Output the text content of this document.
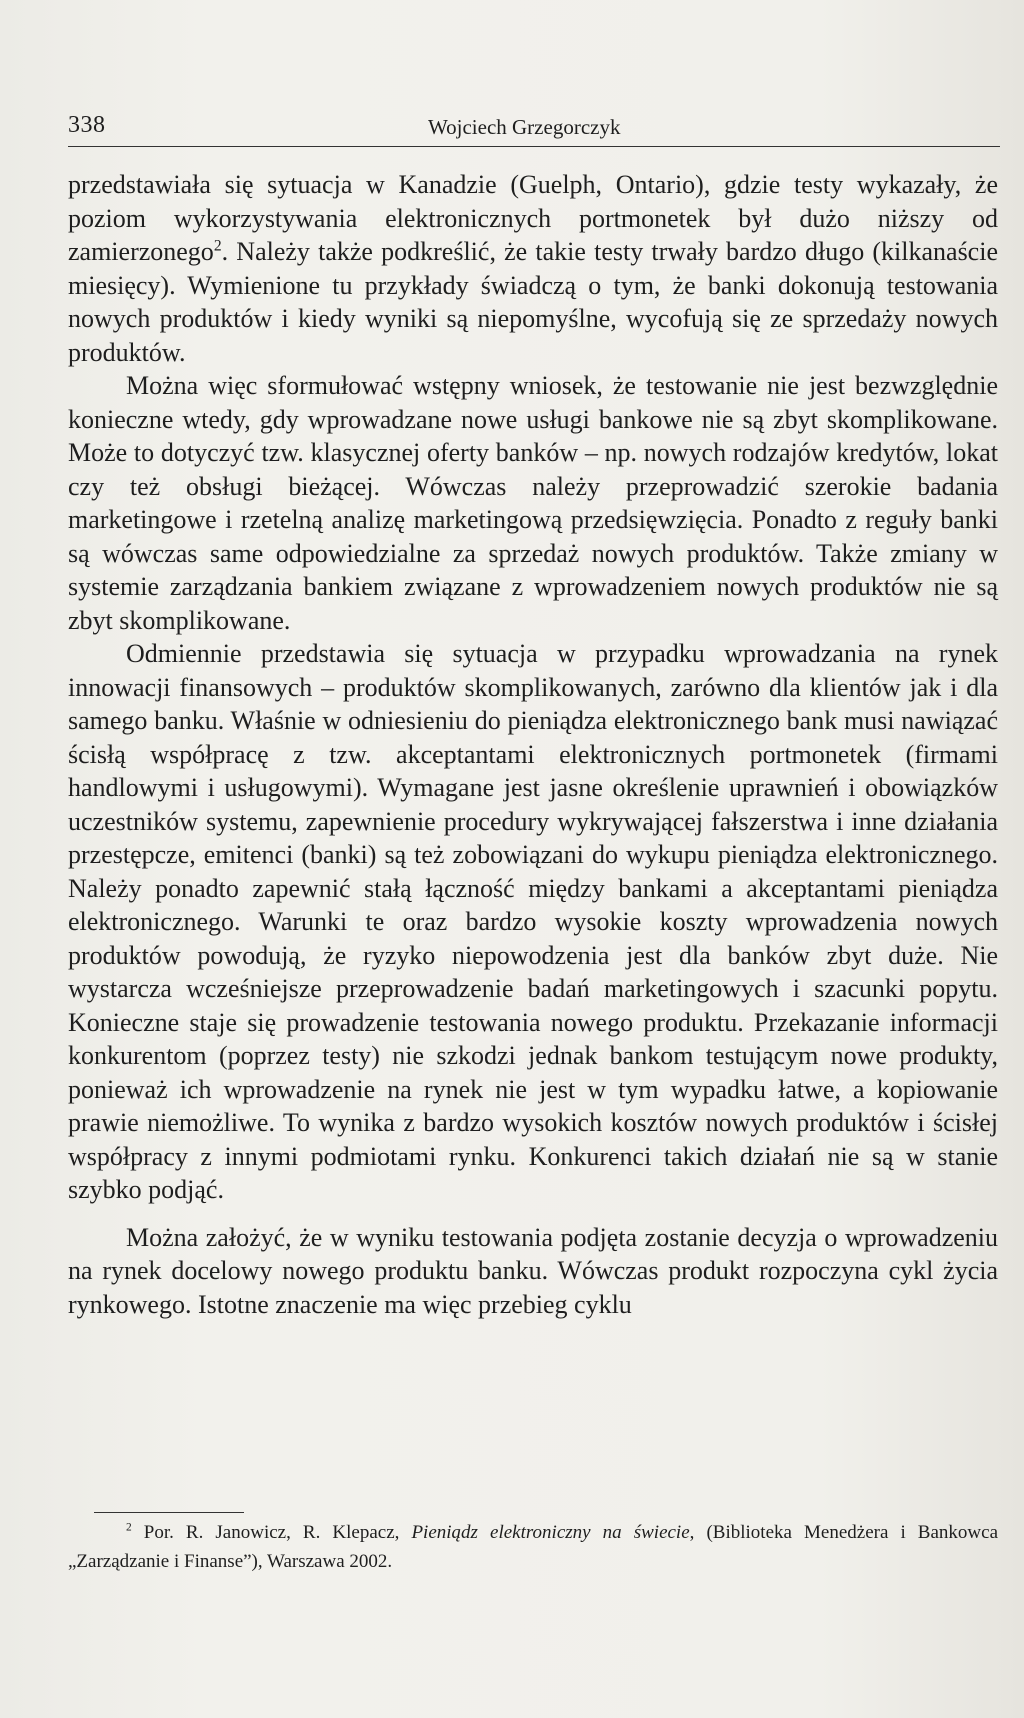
338	Wojciech Grzegorczyk

przedstawiała się sytuacja w Kanadzie (Guelph, Ontario), gdzie testy wykazały, że poziom wykorzystywania elektronicznych portmonetek był dużo niższy od zamierzonego$^2$. Należy także podkreślić, że takie testy trwały bardzo długo (kilkanaście miesięcy). Wymienione tu przykłady świadczą o tym, że banki dokonują testowania nowych produktów i kiedy wyniki są niepomyślne, wycofują się ze sprzedaży nowych produktów.

Można więc sformułować wstępny wniosek, że testowanie nie jest bezwzględnie konieczne wtedy, gdy wprowadzane nowe usługi bankowe nie są zbyt skomplikowane. Może to dotyczyć tzw. klasycznej oferty banków – np. nowych rodzajów kredytów, lokat czy też obsługi bieżącej. Wówczas należy przeprowadzić szerokie badania marketingowe i rzetelną analizę marketingową przedsięwzięcia. Ponadto z reguły banki są wówczas same odpowiedzialne za sprzedaż nowych produktów. Także zmiany w systemie zarządzania bankiem związane z wprowadzeniem nowych produktów nie są zbyt skomplikowane.

Odmiennie przedstawia się sytuacja w przypadku wprowadzania na rynek innowacji finansowych – produktów skomplikowanych, zarówno dla klientów jak i dla samego banku. Właśnie w odniesieniu do pieniądza elektronicznego bank musi nawiązać ścisłą współpracę z tzw. akceptantami elektronicznych portmonetek (firmami handlowymi i usługowymi). Wymagane jest jasne określenie uprawnień i obowiązków uczestników systemu, zapewnienie procedury wykrywającej fałszerstwa i inne działania przestępcze, emitenci (banki) są też zobowiązani do wykupu pieniądza elektronicznego. Należy ponadto zapewnić stałą łączność między bankami a akceptantami pieniądza elektronicznego. Warunki te oraz bardzo wysokie koszty wprowadzenia nowych produktów powodują, że ryzyko niepowodzenia jest dla banków zbyt duże. Nie wystarcza wcześniejsze przeprowadzenie badań marketingowych i szacunki popytu. Konieczne staje się prowadzenie testowania nowego produktu. Przekazanie informacji konkurentom (poprzez testy) nie szkodzi jednak bankom testującym nowe produkty, ponieważ ich wprowadzenie na rynek nie jest w tym wypadku łatwe, a kopiowanie prawie niemożliwe. To wynika z bardzo wysokich kosztów nowych produktów i ścisłej współpracy z innymi podmiotami rynku. Konkurenci takich działań nie są w stanie szybko podjąć.

Można założyć, że w wyniku testowania podjęta zostanie decyzja o wprowadzeniu na rynek docelowy nowego produktu banku. Wówczas produkt rozpoczyna cykl życia rynkowego. Istotne znaczenie ma więc przebieg cyklu

$^2$ Por. R. Janowicz, R. Klepacz, Pieniądz elektroniczny na świecie, (Biblioteka Menedżera i Bankowca „Zarządzanie i Finanse”), Warszawa 2002.
